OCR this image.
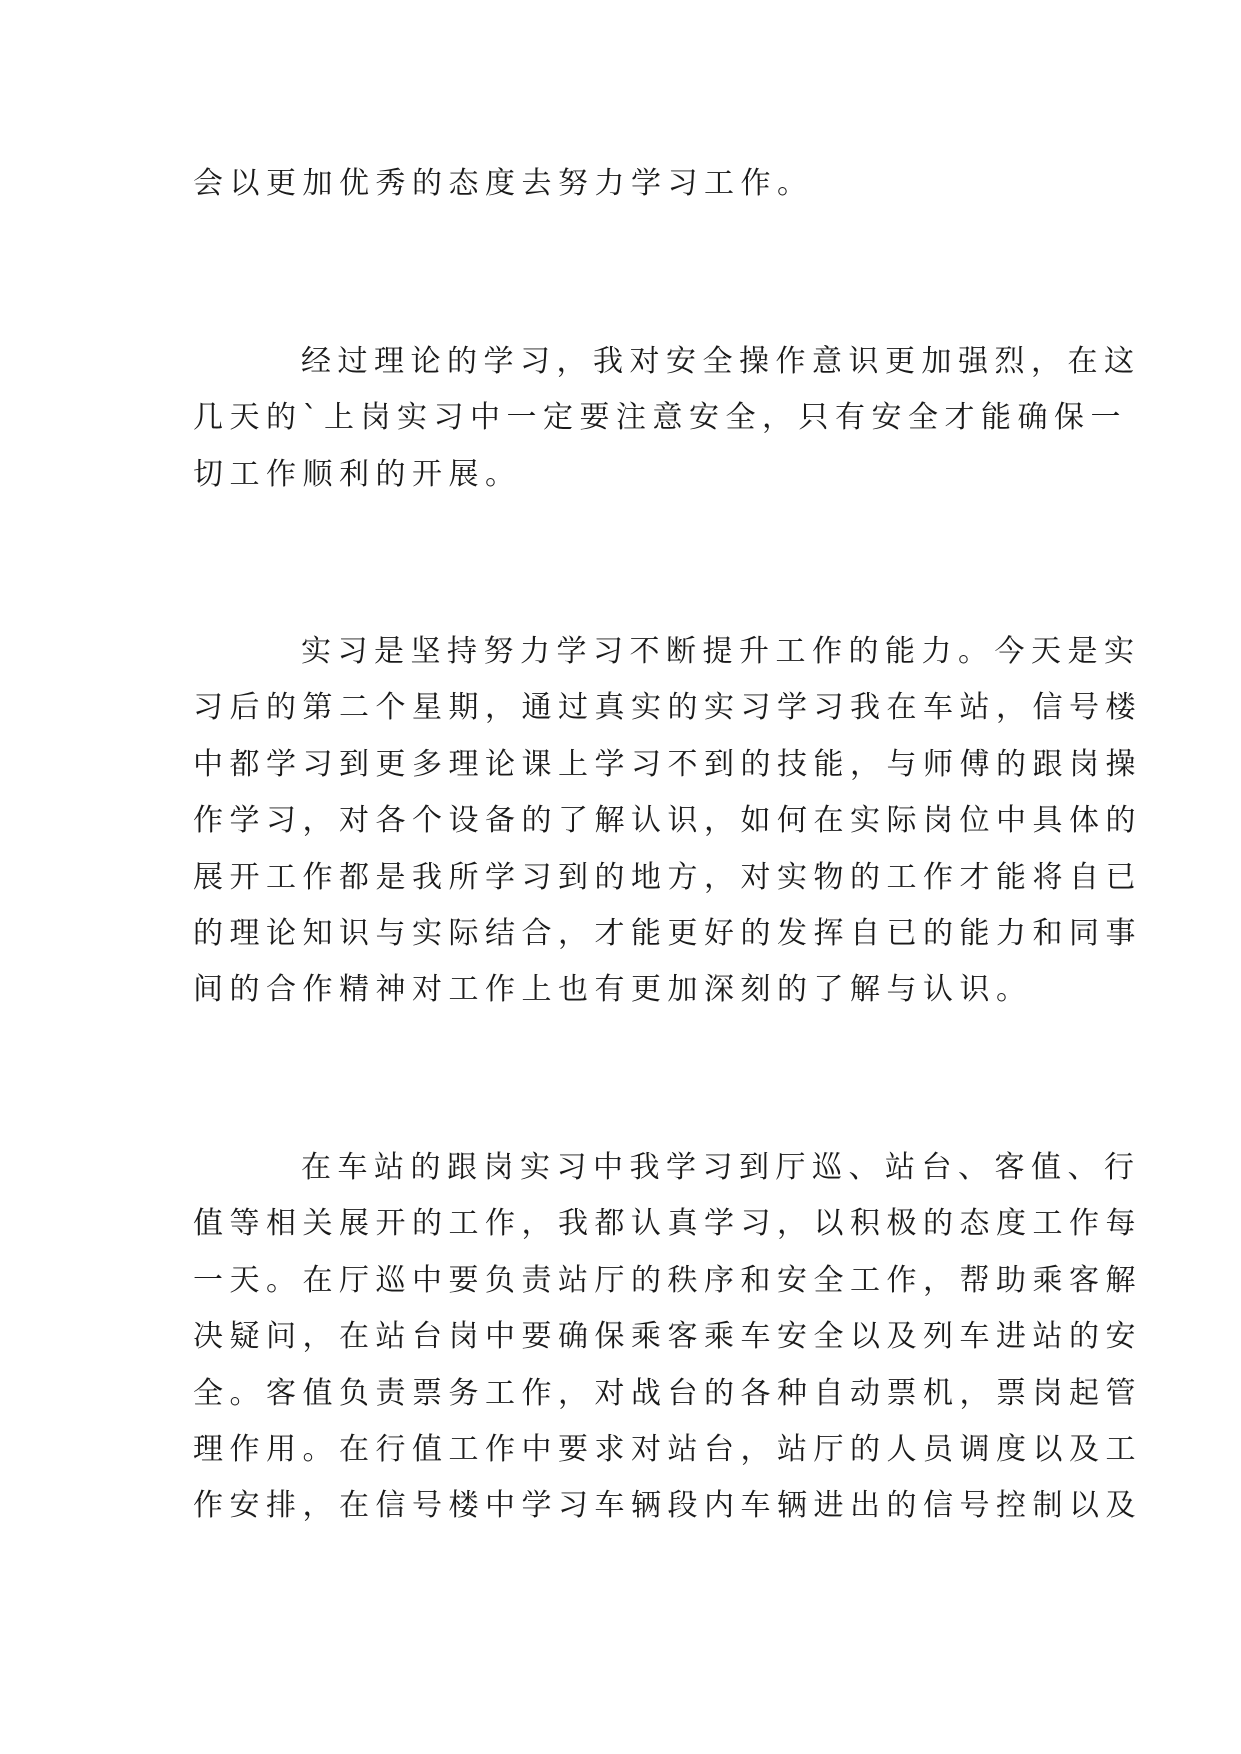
会以更加优秀的态度去努力学习工作。
经过理论的学习，我对安全操作意识更加强烈，在这
几天的`上岗实习中一定要注意安全，只有安全才能确保一
切工作顺利的开展。
实习是坚持努力学习不断提升工作的能力。今天是实
习后的第二个星期，通过真实的实习学习我在车站，信号楼
中都学习到更多理论课上学习不到的技能，与师傅的跟岗操
作学习，对各个设备的了解认识，如何在实际岗位中具体的
展开工作都是我所学习到的地方，对实物的工作才能将自已
的理论知识与实际结合，才能更好的发挥自已的能力和同事
间的合作精神对工作上也有更加深刻的了解与认识。
在车站的跟岗实习中我学习到厅巡、站台、客值、行
值等相关展开的工作，我都认真学习，以积极的态度工作每
一天。在厅巡中要负责站厅的秩序和安全工作，帮助乘客解
决疑问，在站台岗中要确保乘客乘车安全以及列车进站的安
全。客值负责票务工作，对战台的各种自动票机，票岗起管
理作用。在行值工作中要求对站台，站厅的人员调度以及工
作安排，在信号楼中学习车辆段内车辆进出的信号控制以及
